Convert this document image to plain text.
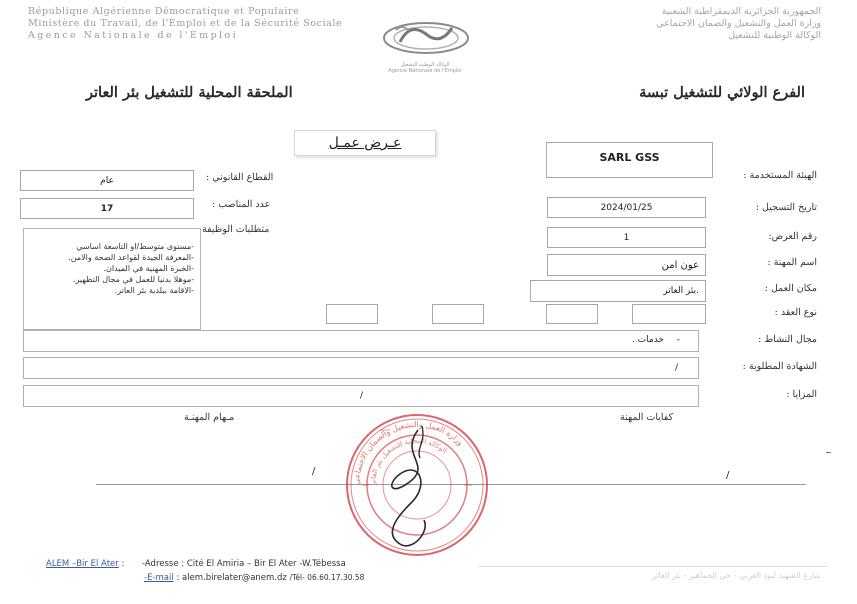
République Algérienne Démocratique et Populaire
Ministère du Travail, de l'Emploi et de la Sécurité Sociale
Agence Nationale de l'Emploi
الوكالة الوطنية للتشغيل
Agence Nationale de l'Emploi
الجمهورية الجزائرية الديمقراطية الشعبية
وزارة العمل والتشغيل والضمان الاجتماعي
الوكالة الوطنية للتشغيل
الملحقة المحلية للتشغيل بئر العاتر	الفرع الولائي للتشغيل تبسة
عـرض عمـل
SARL GSS
الهيئة المستخدمة :
2024/01/25	تاريخ التسجيل :
1	رقم العرض:
عون امن	اسم المهنة :
بئر العاتر.	مكان العمل :
نوع العقد :
خدمات . -	مجال النشاط :
/	الشهادة المطلوبة :
/	المزايا :
عام	القطاع القانوني :
17	عدد المناصب :
متطلبات الوظيفة
-مستوى متوسط/او التاسعة اساسي
-المعرفة الجيدة لقواعد الصحة والامن.
-الخبرة المهنية في الميدان.
-موهلا بدنيا للعمل في مجال التظهير.
-الاقامة ببلدية بئر العاتر.
كفايات المهنة
مـهام المهنـة
/
/
وزارة العمل والتشغيل والضمان الاجتماعي
الوكالة المحلية للتشغيل بئر العاتر
ALEM –Bir El Ater : -Adresse : Cité El Amiria – Bir El Ater -W.Tébessa
-E-mail : alem.birelater@anem.dz /Tél- 06.60.17.30.58	شارع الشهيد لبود العربي - حي الجماهير - بئر العاتر
